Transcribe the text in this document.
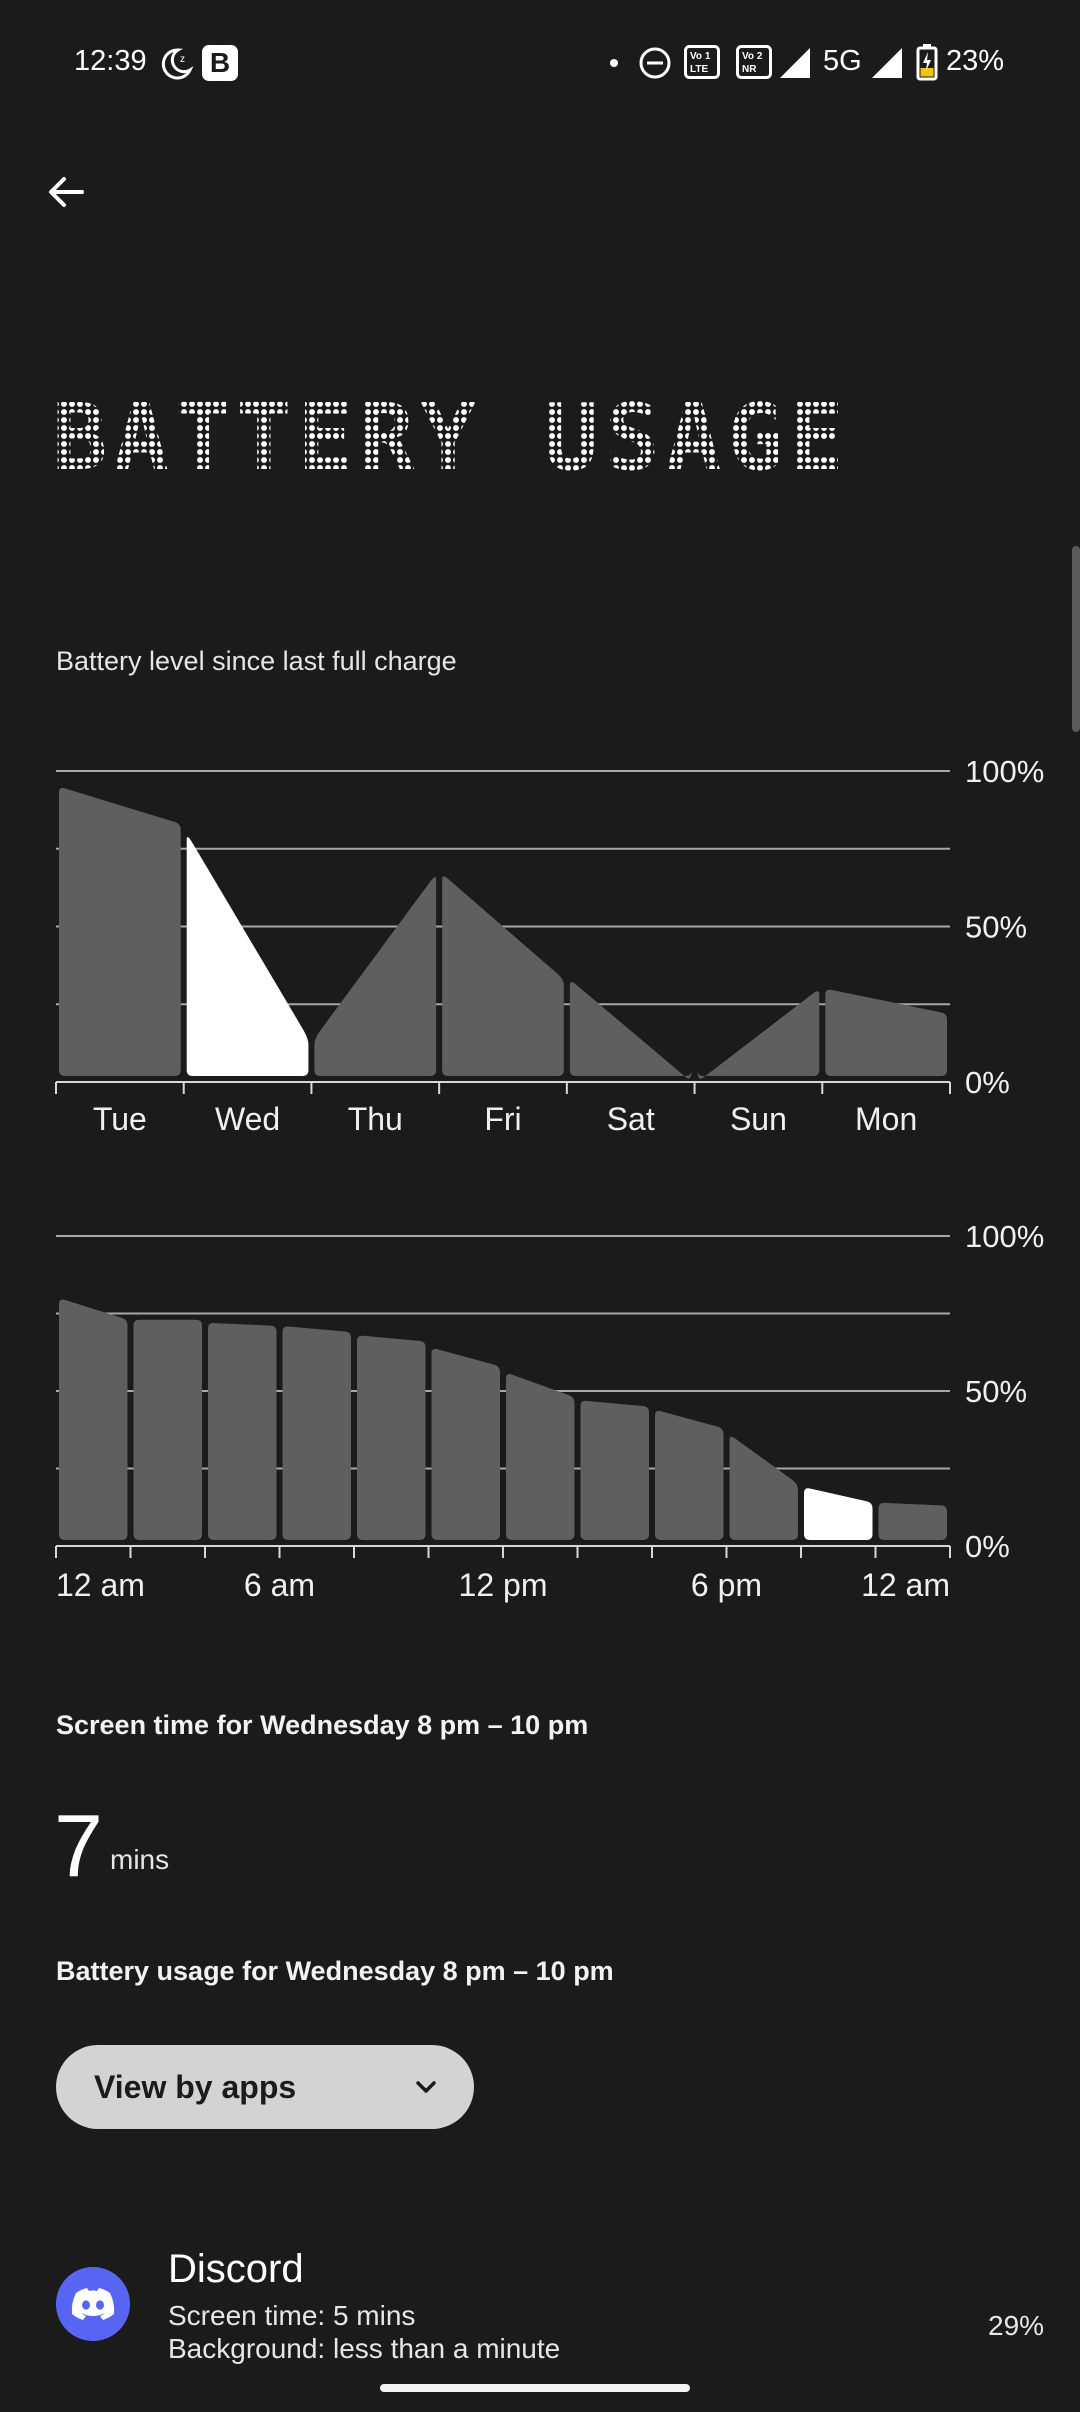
12:39	z B	Vo 1
LTE
Vo 2
NR 5G	23%
BATTERY USAGE
Battery level since last full charge
100%
50%
0%
Tue Wed Thu	Fri	Sat Sun Mon
100%
50%
0%
12 am	6 am	12 pm	6 pm	12 am
Screen time for Wednesday 8 pm – 10 pm
7 mins
Battery usage for Wednesday 8 pm – 10 pm
View by apps
Discord
Screen time: 5 mins
Background: less than a minute
29%
